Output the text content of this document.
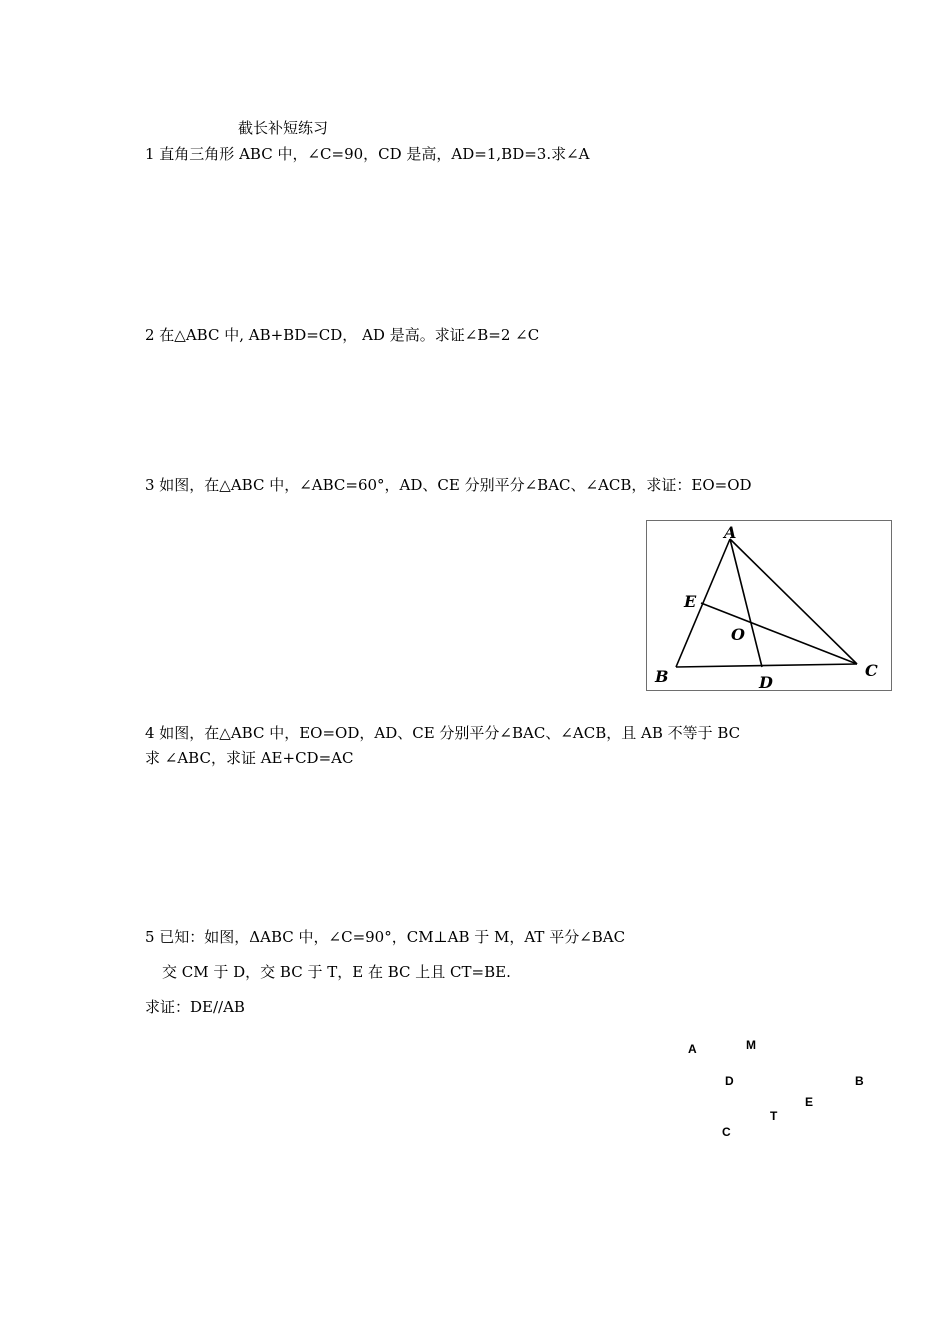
截长补短练习
1 直角三角形 ABC 中，∠C=90，CD 是高，AD=1,BD=3.求∠A
2 在△ABC 中, AB+BD=CD， AD 是高。求证∠B=2 ∠C
3 如图，在△ABC 中，∠ABC=60°，AD、CE 分别平分∠BAC、∠ACB，求证：EO=OD
A
E
O
B	D
C
4 如图，在△ABC 中，EO=OD，AD、CE 分别平分∠BAC、∠ACB，且 AB 不等于 BC
求 ∠ABC，求证 AE+CD=AC
5 已知：如图，ΔABC 中，∠C=90°，CM⊥AB 于 M，AT 平分∠BAC
交 CM 于 D，交 BC 于 T，E 在 BC 上且 CT=BE.
求证：DE//AB
A	M
D	B
E
T
C
